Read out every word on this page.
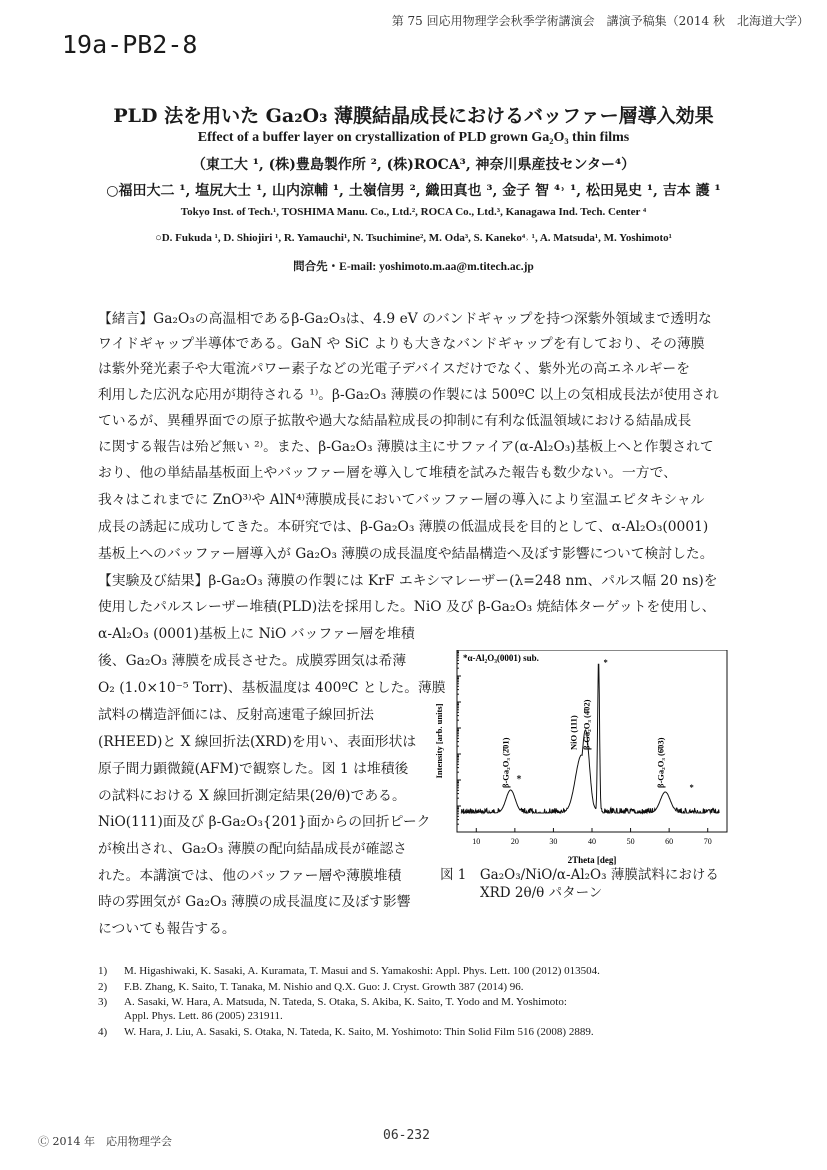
第 75 回応用物理学会秋季学術講演会　講演予稿集（2014 秋　北海道大学）
19a-PB2-8
PLD 法を用いた Ga₂O₃ 薄膜結晶成長におけるバッファー層導入効果
Effect of a buffer layer on crystallization of PLD grown Ga₂O₃ thin films
（東工大 ¹, (株)豊島製作所 ², (株)ROCA³, 神奈川県産技センター⁴）
○福田大二 ¹, 塩尻大士 ¹, 山内涼輔 ¹, 土嶺信男 ², 織田真也 ³, 金子 智 ⁴˒ ¹, 松田晃史 ¹, 吉本 護 ¹
Tokyo Inst. of Tech.¹, TOSHIMA Manu. Co., Ltd.², ROCA Co., Ltd.³, Kanagawa Ind. Tech. Center ⁴
○D. Fukuda ¹, D. Shiojiri ¹, R. Yamauchi¹, N. Tsuchimine², M. Oda³, S. Kaneko⁴˒ ¹, A. Matsuda¹, M. Yoshimoto¹
問合先・E-mail: yoshimoto.m.aa@m.titech.ac.jp
【緒言】Ga₂O₃の高温相であるβ-Ga₂O₃は、4.9 eV のバンドギャップを持つ深紫外領域まで透明な
ワイドギャップ半導体である。GaN や SiC よりも大きなバンドギャップを有しており、その薄膜
は紫外発光素子や大電流パワー素子などの光電子デバイスだけでなく、紫外光の高エネルギーを
利用した広汎な応用が期待される ¹⁾。β-Ga₂O₃ 薄膜の作製には 500ºC 以上の気相成長法が使用され
ているが、異種界面での原子拡散や過大な結晶粒成長の抑制に有利な低温領域における結晶成長
に関する報告は殆ど無い ²⁾。また、β-Ga₂O₃ 薄膜は主にサファイア(α-Al₂O₃)基板上へと作製されて
おり、他の単結晶基板面上やバッファー層を導入して堆積を試みた報告も数少ない。一方で、
我々はこれまでに ZnO³⁾や AlN⁴⁾薄膜成長においてバッファー層の導入により室温エピタキシャル
成長の誘起に成功してきた。本研究では、β-Ga₂O₃ 薄膜の低温成長を目的として、α-Al₂O₃(0001)
基板上へのバッファー層導入が Ga₂O₃ 薄膜の成長温度や結晶構造へ及ぼす影響について検討した。
【実験及び結果】β-Ga₂O₃ 薄膜の作製には KrF エキシマレーザー(λ=248 nm、パルス幅 20 ns)を
使用したパルスレーザー堆積(PLD)法を採用した。NiO 及び β-Ga₂O₃ 焼結体ターゲットを使用し、
α-Al₂O₃ (0001)基板上に NiO バッファー層を堆積
後、Ga₂O₃ 薄膜を成長させた。成膜雰囲気は希薄
O₂ (1.0×10⁻⁵ Torr)、基板温度は 400ºC とした。薄膜
試料の構造評価には、反射高速電子線回折法
(RHEED)と X 線回折法(XRD)を用い、表面形状は
原子間力顕微鏡(AFM)で観察した。図 1 は堆積後
の試料における X 線回折測定結果(2θ/θ)である。
NiO(111)面及び β-Ga₂O₃{201}面からの回折ピーク
が検出され、Ga₂O₃ 薄膜の配向結晶成長が確認さ
れた。本講演では、他のバッファー層や薄膜堆積
時の雰囲気が Ga₂O₃ 薄膜の成長温度に及ぼす影響
についても報告する。
10	20	30	40	50	60	70
β-Ga₂O₃ (2̄01)
NiO (111) β-Ga₂O₃ (4̄02)
*
β-Ga₂O₃ (6̄03)	*
*
*α-Al₂O₃(0001) sub.
2Theta [deg]
Intensity [arb. units]
図 1　Ga₂O₃/NiO/α-Al₂O₃ 薄膜試料における
XRD 2θ/θ パターン
1) M. Higashiwaki, K. Sasaki, A. Kuramata, T. Masui and S. Yamakoshi: Appl. Phys. Lett. 100 (2012) 013504.
2) F.B. Zhang, K. Saito, T. Tanaka, M. Nishio and Q.X. Guo: J. Cryst. Growth 387 (2014) 96.
3) A. Sasaki, W. Hara, A. Matsuda, N. Tateda, S. Otaka, S. Akiba, K. Saito, T. Yodo and M. Yoshimoto:
Appl. Phys. Lett. 86 (2005) 231911.
4) W. Hara, J. Liu, A. Sasaki, S. Otaka, N. Tateda, K. Saito, M. Yoshimoto: Thin Solid Film 516 (2008) 2889.
Ⓒ 2014 年　応用物理学会	06-232
